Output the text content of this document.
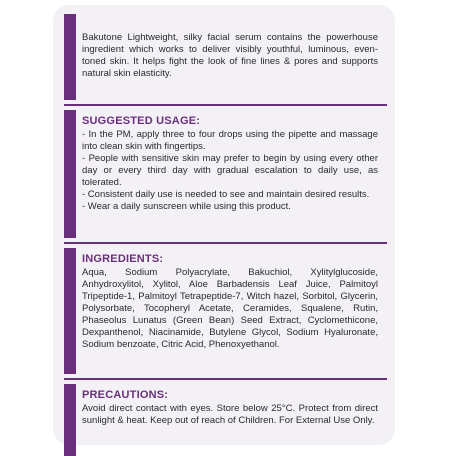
Bakutone Lightweight, silky facial serum contains the powerhouse ingredient which works to deliver visibly youthful, luminous, even-toned skin. It helps fight the look of fine lines & pores and supports natural skin elasticity.

SUGGESTED USAGE:
- In the PM, apply three to four drops using the pipette and massage into clean skin with fingertips.
- People with sensitive skin may prefer to begin by using every other day or every third day with gradual escalation to daily use, as tolerated.
- Consistent daily use is needed to see and maintain desired results.
- Wear a daily sunscreen while using this product.
INGREDIENTS:

Aqua, Sodium Polyacrylate, Bakuchiol, Xylitylglucoside, Anhydroxylitol, Xylitol, Aloe Barbadensis Leaf Juice, Palmitoyl Tripeptide-1, Palmitoyl Tetrapeptide-7, Witch hazel, Sorbitol, Glycerin, Polysorbate, Tocopheryl Acetate, Ceramides, Squalene, Rutin, Phaseolus Lunatus (Green Bean) Seed Extract, Cyclomethicone, Dexpanthenol, Niacinamide, Butylene Glycol, Sodium Hyaluronate, Sodium benzoate, Citric Acid, Phenoxyethanol.

PRECAUTIONS:

Avoid direct contact with eyes. Store below 25°C. Protect from direct sunlight & heat. Keep out of reach of Children. For External Use Only.
